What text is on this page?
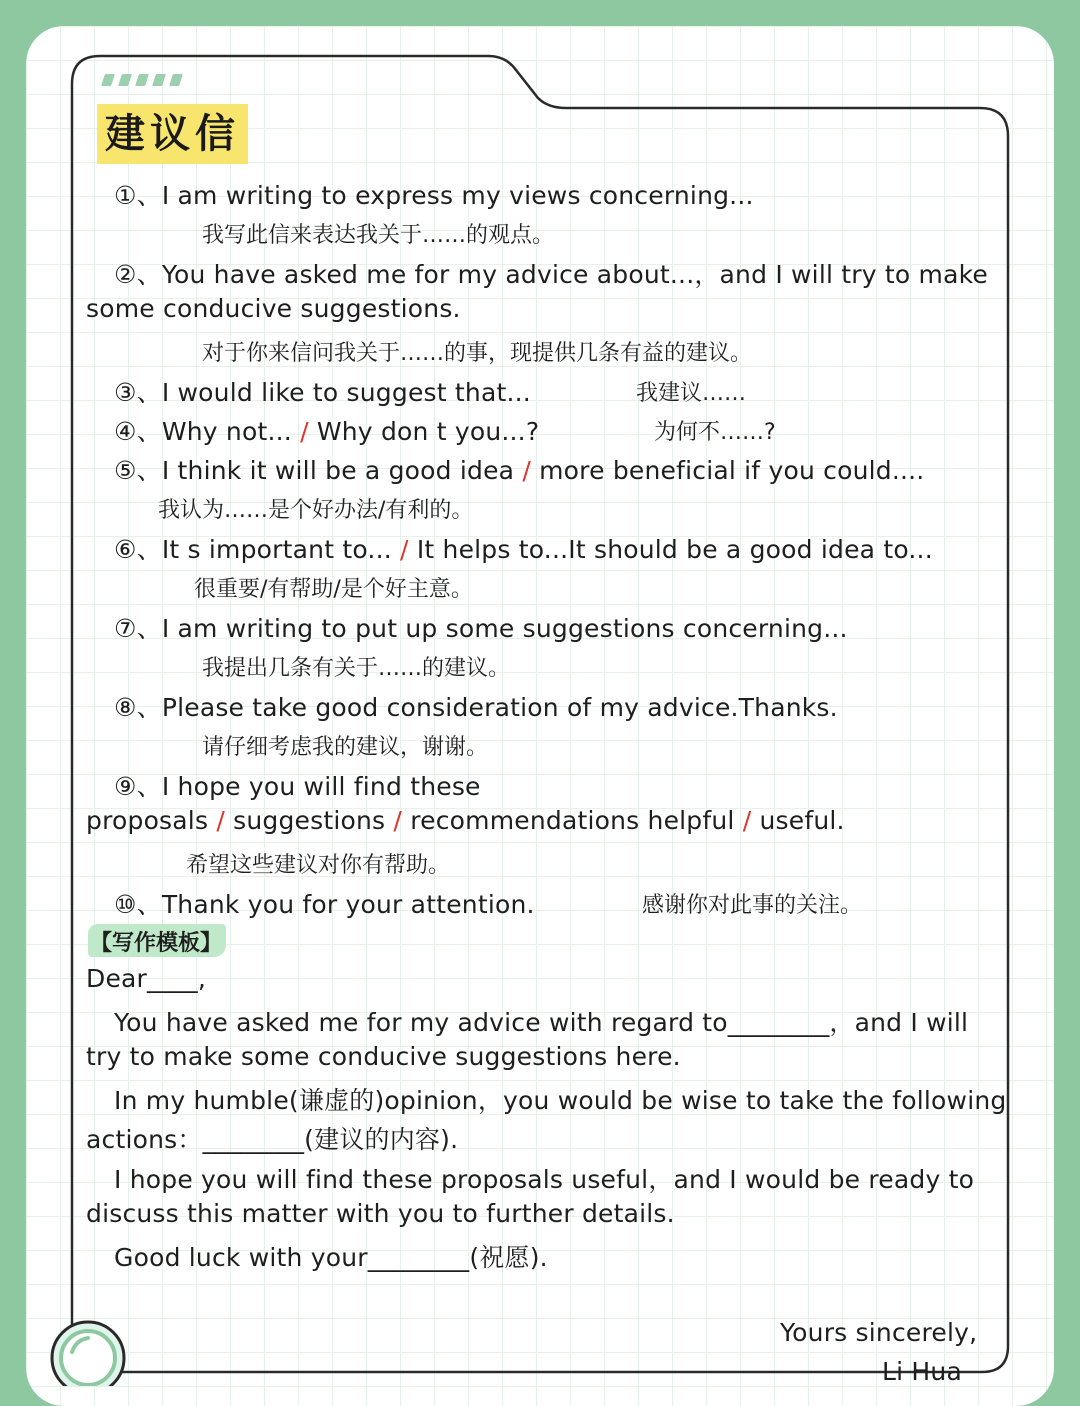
建议信
①、I am writing to express my views concerning...
我写此信来表达我关于……的观点。
②、You have asked me for my advice about...，and I will try to make
some conducive suggestions.
对于你来信问我关于……的事，现提供几条有益的建议。
③、I would like to suggest that...	我建议……
④、Why not... / Why don t you...?	为何不……?
⑤、I think it will be a good idea / more beneficial if you could....
我认为……是个好办法/有利的。
⑥、It s important to... / It helps to...It should be a good idea to...
很重要/有帮助/是个好主意。
⑦、I am writing to put up some suggestions concerning...
我提出几条有关于……的建议。
⑧、Please take good consideration of my advice.Thanks.
请仔细考虑我的建议，谢谢。
⑨、I hope you will find these
proposals / suggestions / recommendations helpful / useful.
希望这些建议对你有帮助。
⑩、Thank you for your attention.	感谢你对此事的关注。
【写作模板】
Dear____,
You have asked me for my advice with regard to________，and I will
try to make some conducive suggestions here.
In my humble(谦虚的)opinion，you would be wise to take the following
actions：________(建议的内容).
I hope you will find these proposals useful，and I would be ready to
discuss this matter with you to further details.
Good luck with your________(祝愿).
Yours sincerely,
Li Hua
